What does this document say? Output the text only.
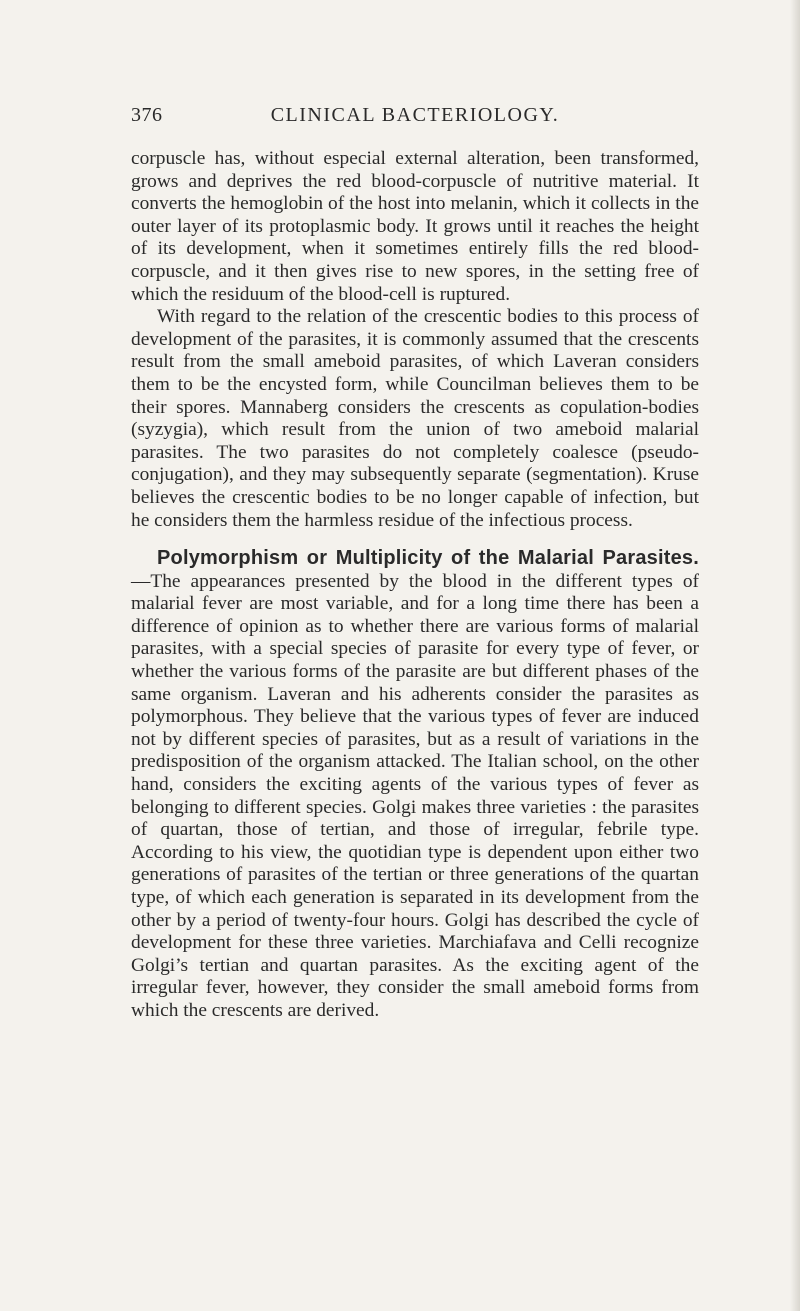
376	CLINICAL BACTERIOLOGY.

corpuscle has, without especial external alteration, been transformed, grows and deprives the red blood-corpuscle of nutritive material. It converts the hemoglobin of the host into melanin, which it collects in the outer layer of its protoplasmic body. It grows until it reaches the height of its development, when it sometimes entirely fills the red blood-corpuscle, and it then gives rise to new spores, in the setting free of which the residuum of the blood-cell is ruptured.

With regard to the relation of the crescentic bodies to this process of development of the parasites, it is commonly assumed that the crescents result from the small ameboid parasites, of which Laveran considers them to be the encysted form, while Councilman believes them to be their spores. Mannaberg considers the crescents as copulation-bodies (syzygia), which result from the union of two ameboid malarial parasites. The two parasites do not completely coalesce (pseudo-conjugation), and they may subsequently separate (segmentation). Kruse believes the crescentic bodies to be no longer capable of infection, but he considers them the harmless residue of the infectious process.

Polymorphism or Multiplicity of the Malarial Parasites.—The appearances presented by the blood in the different types of malarial fever are most variable, and for a long time there has been a difference of opinion as to whether there are various forms of malarial parasites, with a special species of parasite for every type of fever, or whether the various forms of the parasite are but different phases of the same organism. Laveran and his adherents consider the parasites as polymorphous. They believe that the various types of fever are induced not by different species of parasites, but as a result of variations in the predisposition of the organism attacked. The Italian school, on the other hand, considers the exciting agents of the various types of fever as belonging to different species. Golgi makes three varieties : the parasites of quartan, those of tertian, and those of irregular, febrile type. According to his view, the quotidian type is dependent upon either two generations of parasites of the tertian or three generations of the quartan type, of which each generation is separated in its development from the other by a period of twenty-four hours. Golgi has described the cycle of development for these three varieties. Marchiafava and Celli recognize Golgi’s tertian and quartan parasites. As the exciting agent of the irregular fever, however, they consider the small ameboid forms from which the crescents are derived.
